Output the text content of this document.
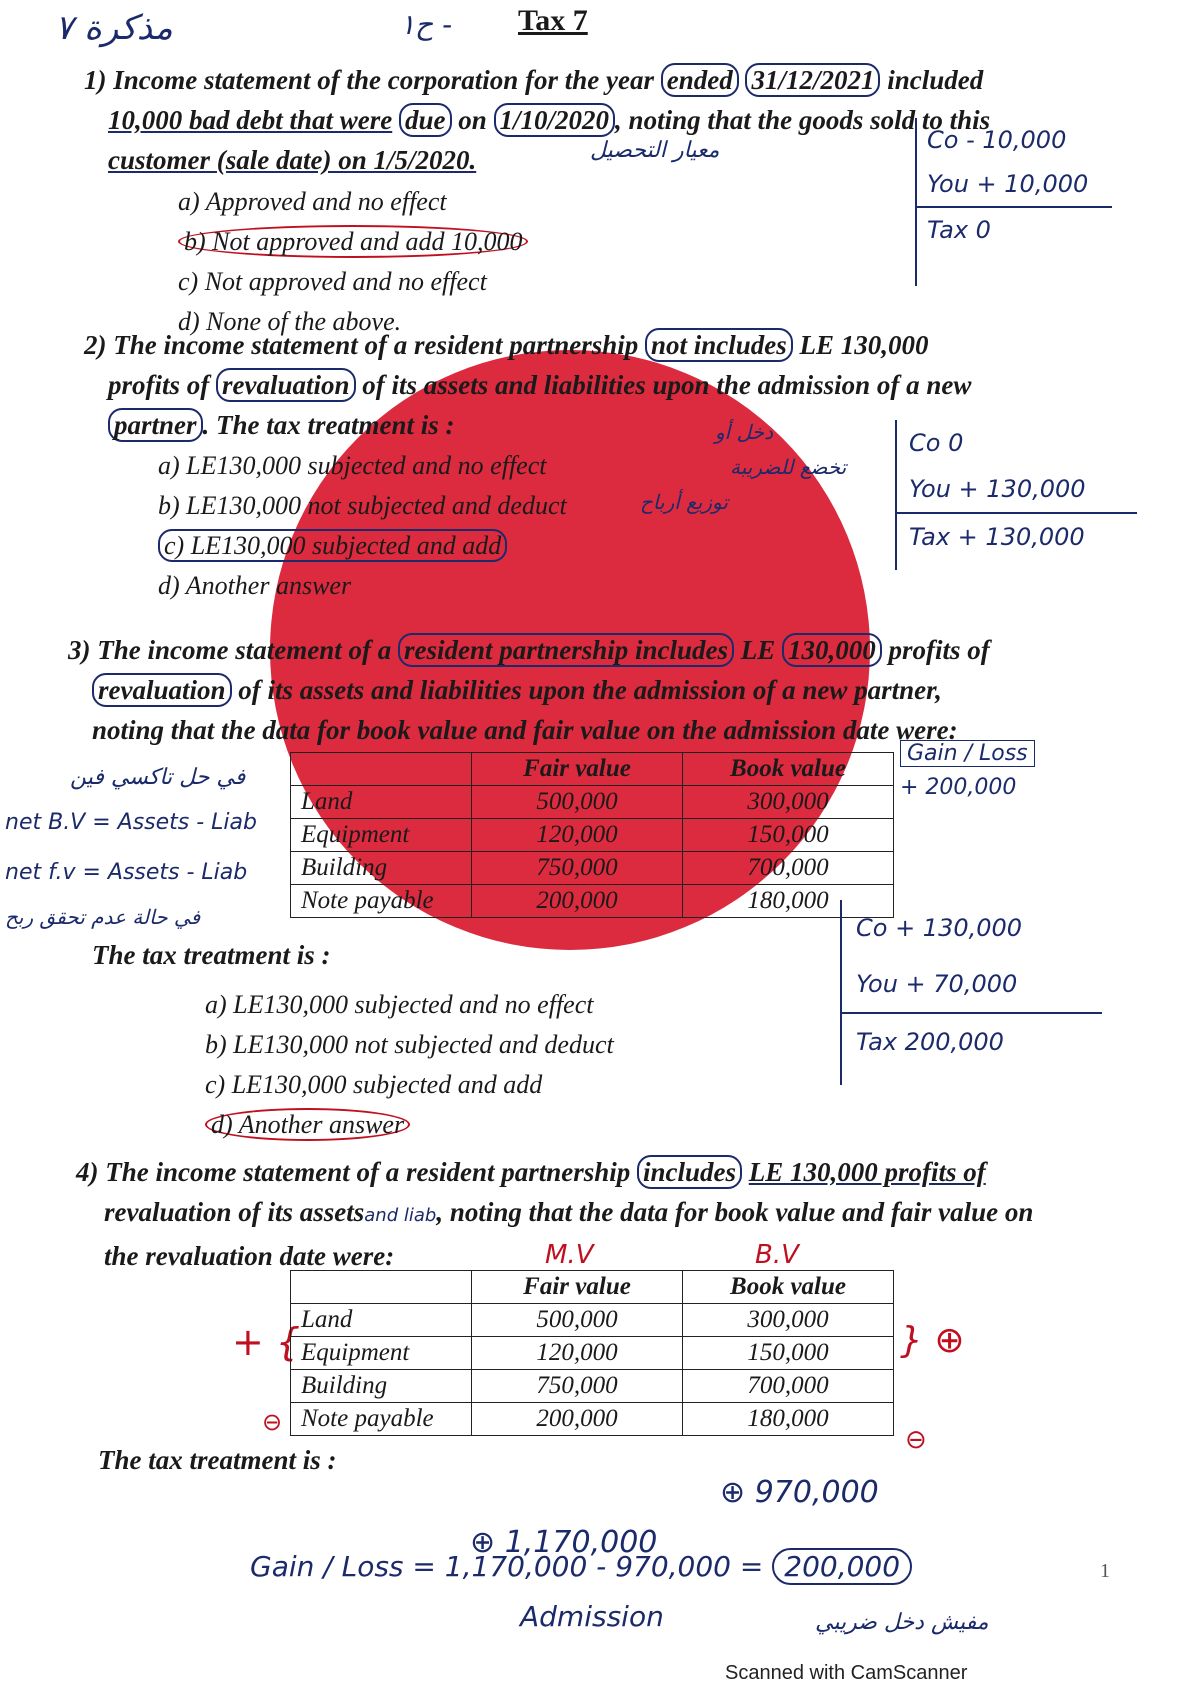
مذكرة ٧	ح١ - Tax 7
1) Income statement of the corporation for the year ended 31/12/2021 included
10,000 bad debt that were due on 1/10/2020 , noting that the goods sold to this
customer (sale date) on 1/5/2020.	معيار التحصيل
a) Approved and no effect
b) Not approved and add 10,000
c) Not approved and no effect
d) None of the above.
Co - 10,000
You + 10,000
Tax 0
2) The income statement of a resident partnership not includes LE 130,000
profits of revaluation of its assets and liabilities upon the admission of a new
partner . The tax treatment is :	دخل أو
تخضع للضريبة
توزيع أرباح
a) LE130,000 subjected and no effect
b) LE130,000 not subjected and deduct
c) LE130,000 subjected and add
d) Another answer
Co 0
You + 130,000
Tax + 130,000
3) The income statement of a resident partnership includes LE 130,000 profits of
revaluation of its assets and liabilities upon the admission of a new partner,
noting that the data for book value and fair value on the admission date were:
في حل تاكسي فين
net B.V = Assets - Liab
net f.v = Assets - Liab
في حالة عدم تحقق ربح
	Fair value	Book value
Land	500,000	300,000
Equipment	120,000	150,000
Building	750,000	700,000
Note payable	200,000	180,000
Gain / Loss
+ 200,000
The tax treatment is :
a) LE130,000 subjected and no effect
b) LE130,000 not subjected and deduct
c) LE130,000 subjected and add
d) Another answer
Co + 130,000
You + 70,000
Tax 200,000
4) The income statement of a resident partnership includes LE 130,000 profits of
revaluation of its assetsand liab, noting that the data for book value and fair value on
the revaluation date were:	M.V	B.V
+ {
⊖
	Fair value	Book value
Land	500,000	300,000
Equipment	120,000	150,000
Building	750,000	700,000
Note payable	200,000	180,000
} ⊕
⊖
The tax treatment is :
⊕ 970,000
⊕ 1,170,000
Gain / Loss = 1,170,000 - 970,000 = 200,000	1
Admission	مفيش دخل ضريبي
Scanned with CamScanner
